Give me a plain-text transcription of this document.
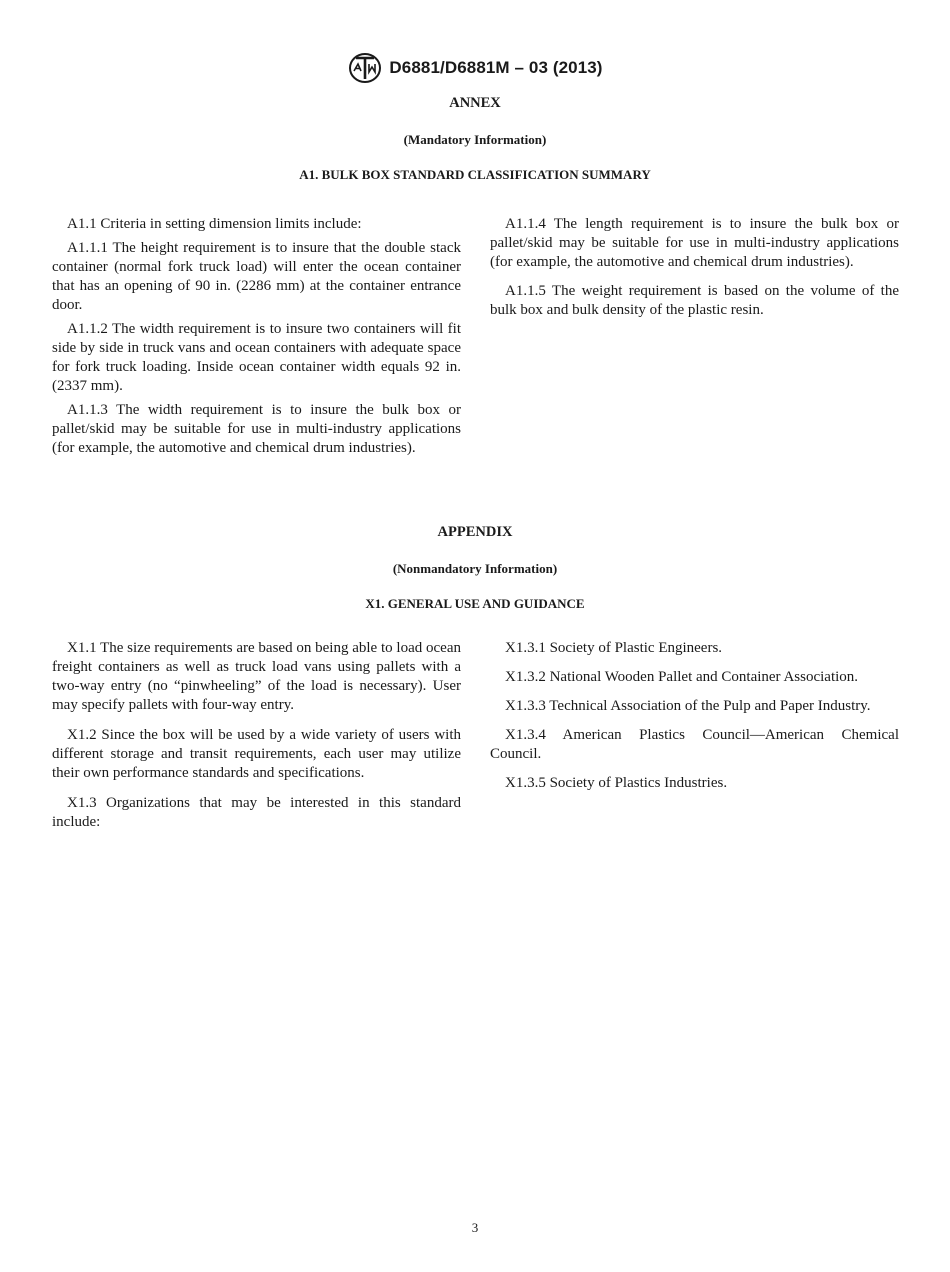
D6881/D6881M – 03 (2013)
ANNEX
(Mandatory Information)
A1. BULK BOX STANDARD CLASSIFICATION SUMMARY

A1.1 Criteria in setting dimension limits include:

A1.1.1 The height requirement is to insure that the double stack container (normal fork truck load) will enter the ocean container that has an opening of 90 in. (2286 mm) at the container entrance door.

A1.1.2 The width requirement is to insure two containers will fit side by side in truck vans and ocean containers with adequate space for fork truck loading. Inside ocean container width equals 92 in. (2337 mm).

A1.1.3 The width requirement is to insure the bulk box or pallet/skid may be suitable for use in multi-industry applications (for example, the automotive and chemical drum industries).

A1.1.4 The length requirement is to insure the bulk box or pallet/skid may be suitable for use in multi-industry applications (for example, the automotive and chemical drum industries).

A1.1.5 The weight requirement is based on the volume of the bulk box and bulk density of the plastic resin.

APPENDIX
(Nonmandatory Information)
X1. GENERAL USE AND GUIDANCE

X1.1 The size requirements are based on being able to load ocean freight containers as well as truck load vans using pallets with a two-way entry (no “pinwheeling” of the load is necessary). User may specify pallets with four-way entry.

X1.2 Since the box will be used by a wide variety of users with different storage and transit requirements, each user may utilize their own performance standards and specifications.

X1.3 Organizations that may be interested in this standard include:

X1.3.1 Society of Plastic Engineers.

X1.3.2 National Wooden Pallet and Container Association.

X1.3.3 Technical Association of the Pulp and Paper Industry.

X1.3.4 American Plastics Council—American Chemical Council.

X1.3.5 Society of Plastics Industries.

3
